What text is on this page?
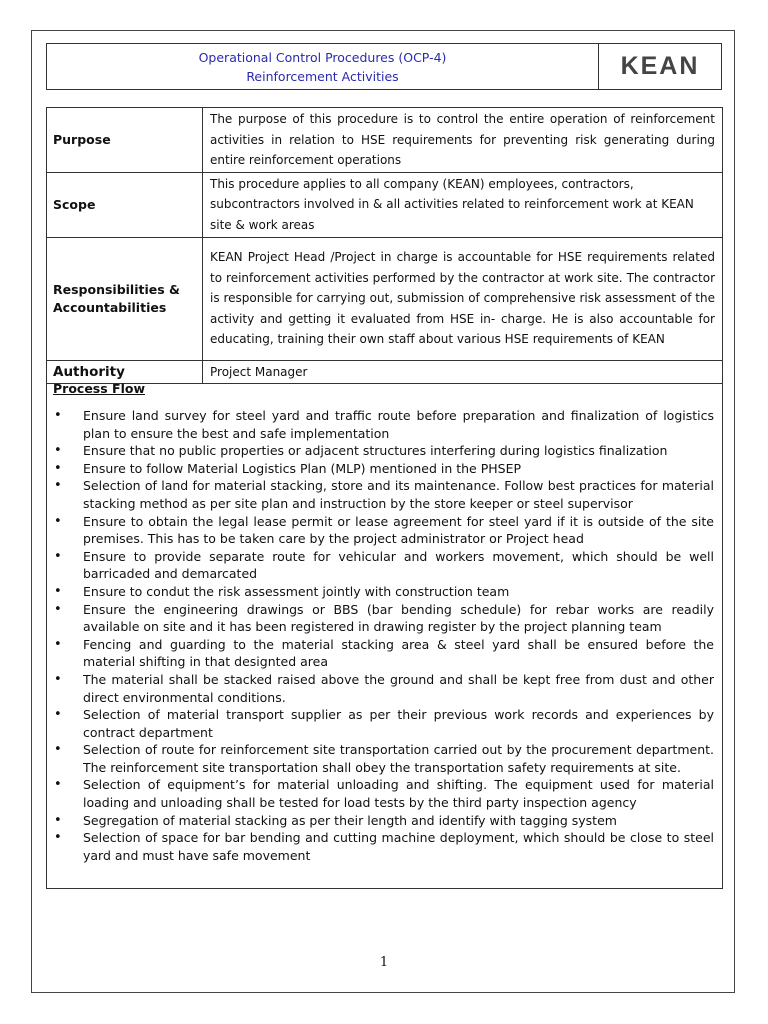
Operational Control Procedures (OCP-4)
Reinforcement Activities	KEAN
Purpose	The purpose of this procedure is to control the entire operation of reinforcement activities in relation to HSE requirements for preventing risk generating during entire reinforcement operations
Scope	This procedure applies to all company (KEAN) employees, contractors, subcontractors involved in & all activities related to reinforcement work at KEAN site & work areas
Responsibilities & Accountabilities	KEAN Project Head /Project in charge is accountable for HSE requirements related to reinforcement activities performed by the contractor at work site. The contractor is responsible for carrying out, submission of comprehensive risk assessment of the activity and getting it evaluated from HSE in- charge. He is also accountable for educating, training their own staff about various HSE requirements of KEAN
Authority	Project Manager
Process Flow
• Ensure land survey for steel yard and traffic route before preparation and finalization of logistics plan to ensure the best and safe implementation
• Ensure that no public properties or adjacent structures interfering during logistics finalization
• Ensure to follow Material Logistics Plan (MLP) mentioned in the PHSEP
• Selection of land for material stacking, store and its maintenance. Follow best practices for material stacking method as per site plan and instruction by the store keeper or steel supervisor
• Ensure to obtain the legal lease permit or lease agreement for steel yard if it is outside of the site premises. This has to be taken care by the project administrator or Project head
• Ensure to provide separate route for vehicular and workers movement, which should be well barricaded and demarcated
• Ensure to condut the risk assessment jointly with construction team
• Ensure the engineering drawings or BBS (bar bending schedule) for rebar works are readily available on site and it has been registered in drawing register by the project planning team
• Fencing and guarding to the material stacking area & steel yard shall be ensured before the material shifting in that designted area
• The material shall be stacked raised above the ground and shall be kept free from dust and other direct environmental conditions.
• Selection of material transport supplier as per their previous work records and experiences by contract department
• Selection of route for reinforcement site transportation carried out by the procurement department. The reinforcement site transportation shall obey the transportation safety requirements at site.
• Selection of equipment’s for material unloading and shifting. The equipment used for material loading and unloading shall be tested for load tests by the third party inspection agency
• Segregation of material stacking as per their length and identify with tagging system
• Selection of space for bar bending and cutting machine deployment, which should be close to steel yard and must have safe movement
1
